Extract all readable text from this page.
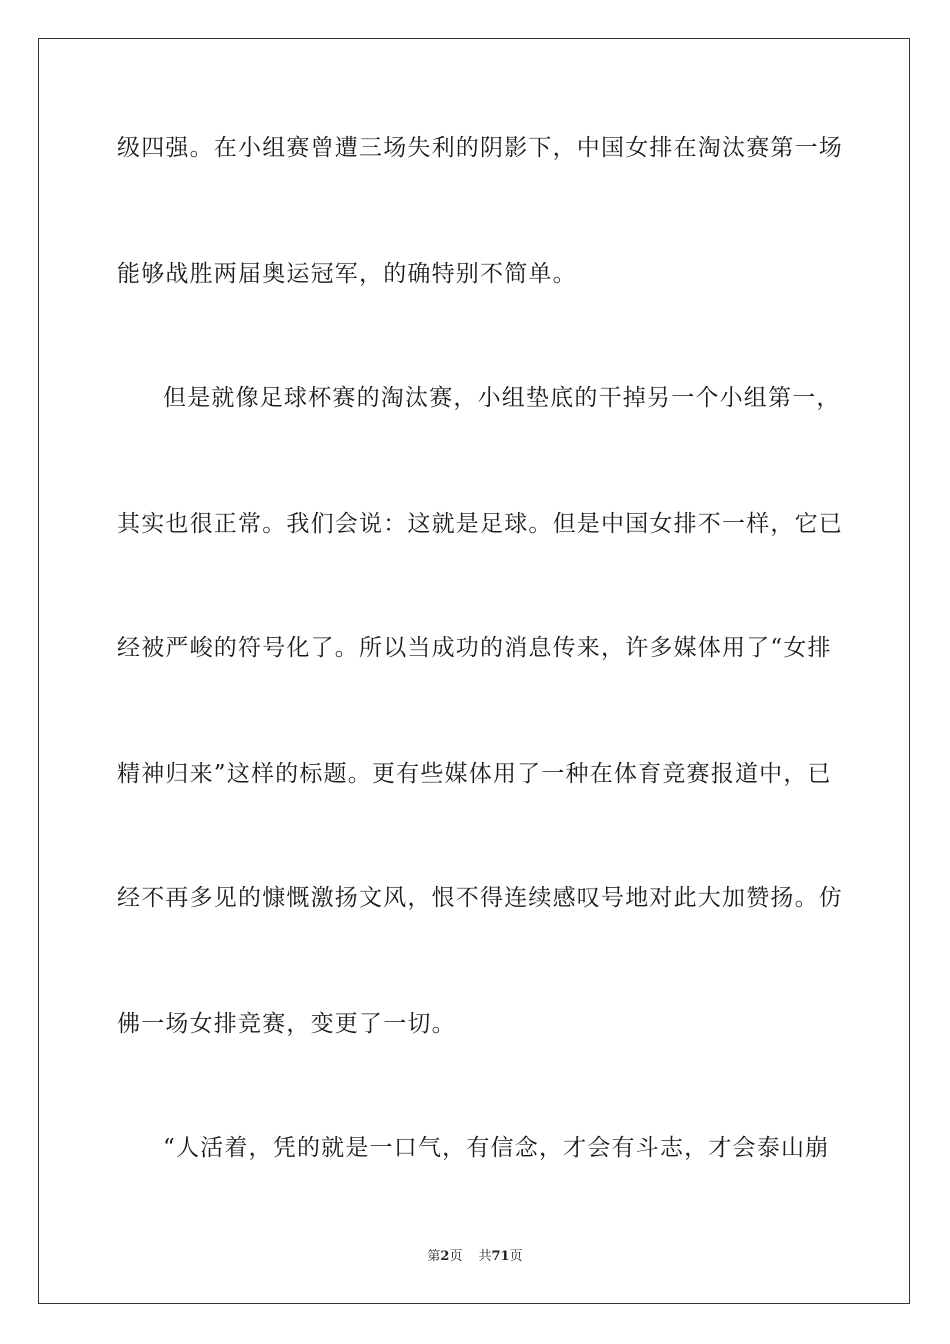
级四强。在小组赛曾遭三场失利的阴影下，中国女排在淘汰赛第一场
能够战胜两届奥运冠军，的确特别不简单。
但是就像足球杯赛的淘汰赛，小组垫底的干掉另一个小组第一，
其实也很正常。我们会说：这就是足球。但是中国女排不一样，它已
经被严峻的符号化了。所以当成功的消息传来，许多媒体用了“女排
精神归来”这样的标题。更有些媒体用了一种在体育竞赛报道中，已
经不再多见的慷慨激扬文风，恨不得连续感叹号地对此大加赞扬。仿
佛一场女排竞赛，变更了一切。
“人活着，凭的就是一口气，有信念，才会有斗志，才会泰山崩
第2页 共71页
